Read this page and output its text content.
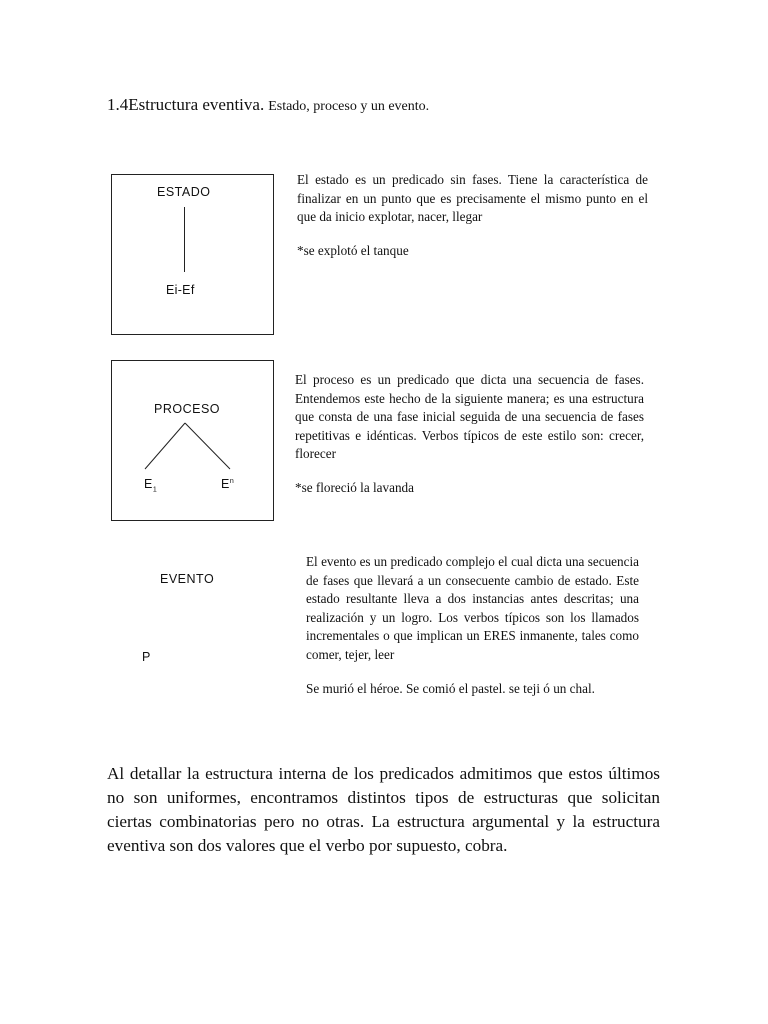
1.4Estructura eventiva. Estado, proceso y un evento.
ESTADO
Ei-Ef

El estado es un predicado sin fases. Tiene la característica de finalizar en un punto que es precisamente el mismo punto en el que da inicio explotar, nacer, llegar

*se explotó el tanque
PROCESO
$E_1$	$E^n$

El proceso es un predicado que dicta una secuencia de fases. Entendemos este hecho de la siguiente manera; es una estructura que consta de una fase inicial seguida de una secuencia de fases repetitivas e idénticas. Verbos típicos de este estilo son: crecer, florecer

*se floreció la lavanda
EVENTO
P

El evento es un predicado complejo el cual dicta una secuencia de fases que llevará a un consecuente cambio de estado. Este estado resultante lleva a dos instancias antes descritas; una realización y un logro. Los verbos típicos son los llamados incrementales o que implican un ERES inmanente, tales como comer, tejer, leer

Se murió el héroe. Se comió el pastel. se teji ó un chal.
Al detallar la estructura interna de los predicados admitimos que estos últimos no son uniformes, encontramos distintos tipos de estructuras que solicitan ciertas combinatorias pero no otras. La estructura argumental y la estructura eventiva son dos valores que el verbo por supuesto, cobra.
